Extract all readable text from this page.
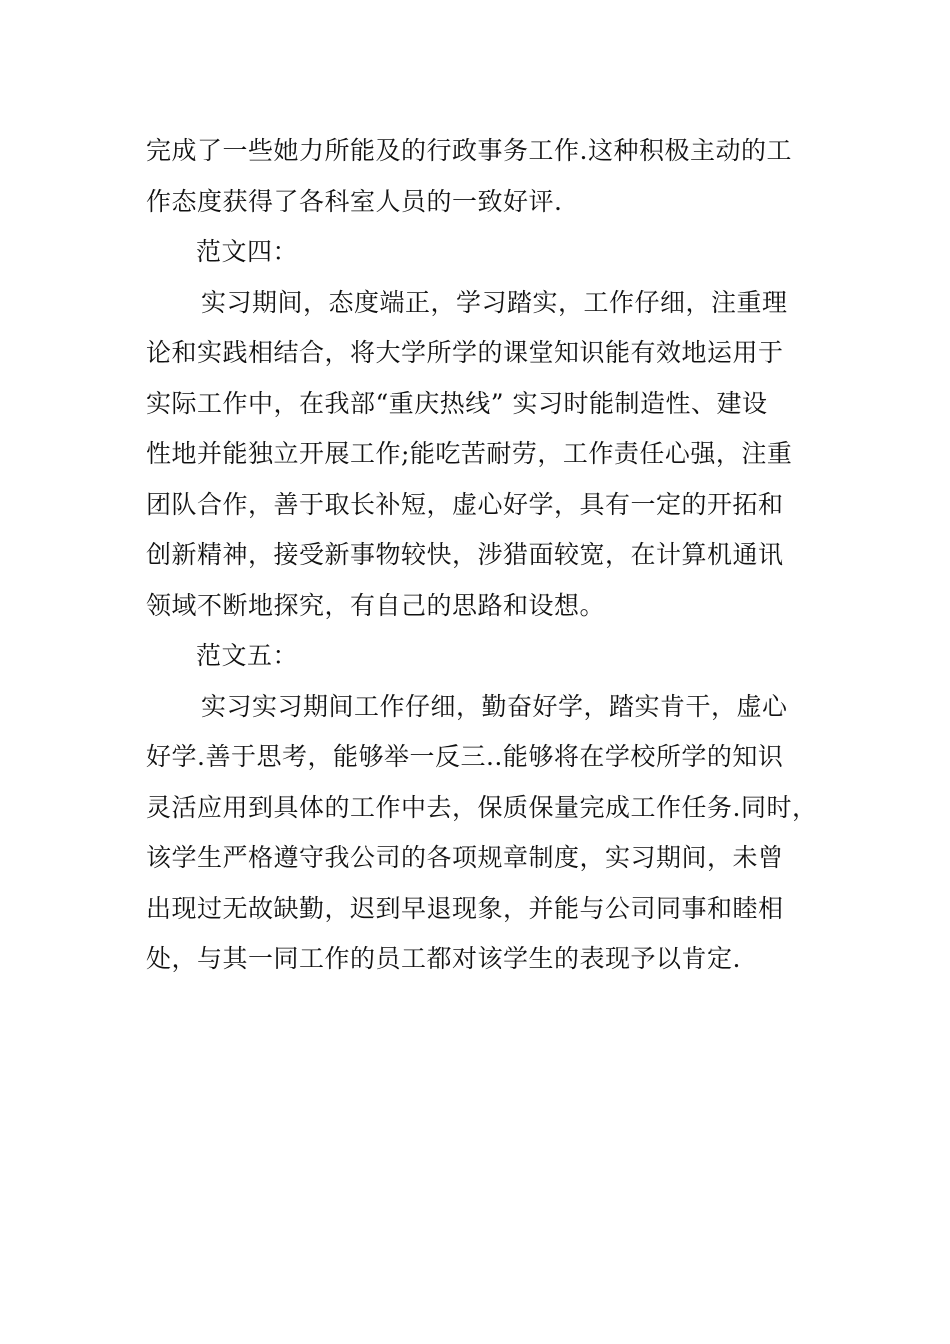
完成了一些她力所能及的行政事务工作.这种积极主动的工
作态度获得了各科室人员的一致好评.

范文四：

实习期间，态度端正，学习踏实，工作仔细，注重理
论和实践相结合，将大学所学的课堂知识能有效地运用于
实际工作中，在我部“重庆热线” 实习时能制造性、建设
性地并能独立开展工作;能吃苦耐劳，工作责任心强，注重
团队合作，善于取长补短，虚心好学，具有一定的开拓和
创新精神，接受新事物较快，涉猎面较宽，在计算机通讯
领域不断地探究，有自己的思路和设想。

范文五：

实习实习期间工作仔细，勤奋好学，踏实肯干，虚心
好学.善于思考，能够举一反三..能够将在学校所学的知识
灵活应用到具体的工作中去，保质保量完成工作任务.同时，
该学生严格遵守我公司的各项规章制度，实习期间，未曾
出现过无故缺勤，迟到早退现象，并能与公司同事和睦相
处，与其一同工作的员工都对该学生的表现予以肯定.
